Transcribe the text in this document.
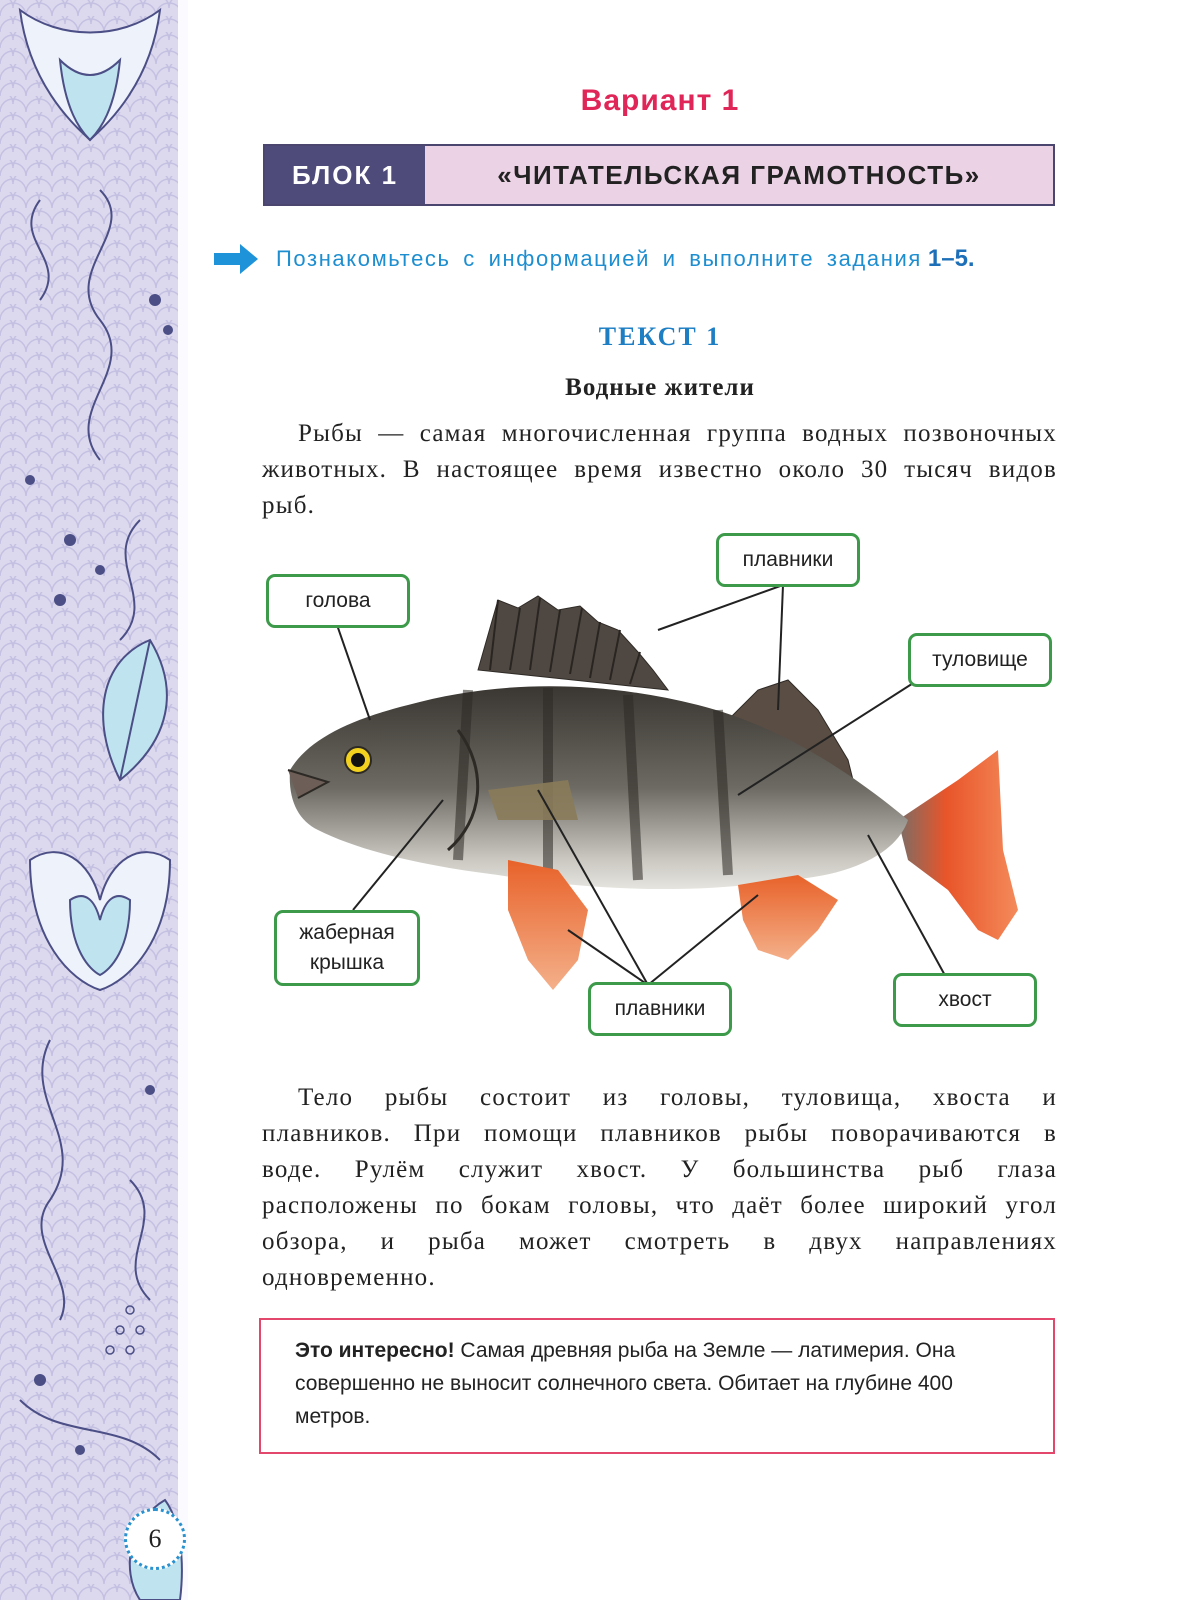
Вариант 1
БЛОК 1	«ЧИТАТЕЛЬСКАЯ ГРАМОТНОСТЬ»
Познакомьтесь с информацией и выполните задания 1–5.
ТЕКСТ 1
Водные жители
Рыбы — самая многочисленная группа водных позвоночных животных. В настоящее время известно около 30 тысяч видов рыб.
голова
плавники
туловище
жаберная крышка
плавники	хвост
Тело рыбы состоит из головы, туловища, хвоста и плавников. При помощи плавников рыбы поворачиваются в воде. Рулём служит хвост. У большинства рыб глаза расположены по бокам головы, что даёт более широкий угол обзора, и рыба может смотреть в двух направлениях одновременно.
Это интересно! Самая древняя рыба на Земле — латимерия. Она совершенно не выносит солнечного света. Обитает на глубине 400 метров.
6
